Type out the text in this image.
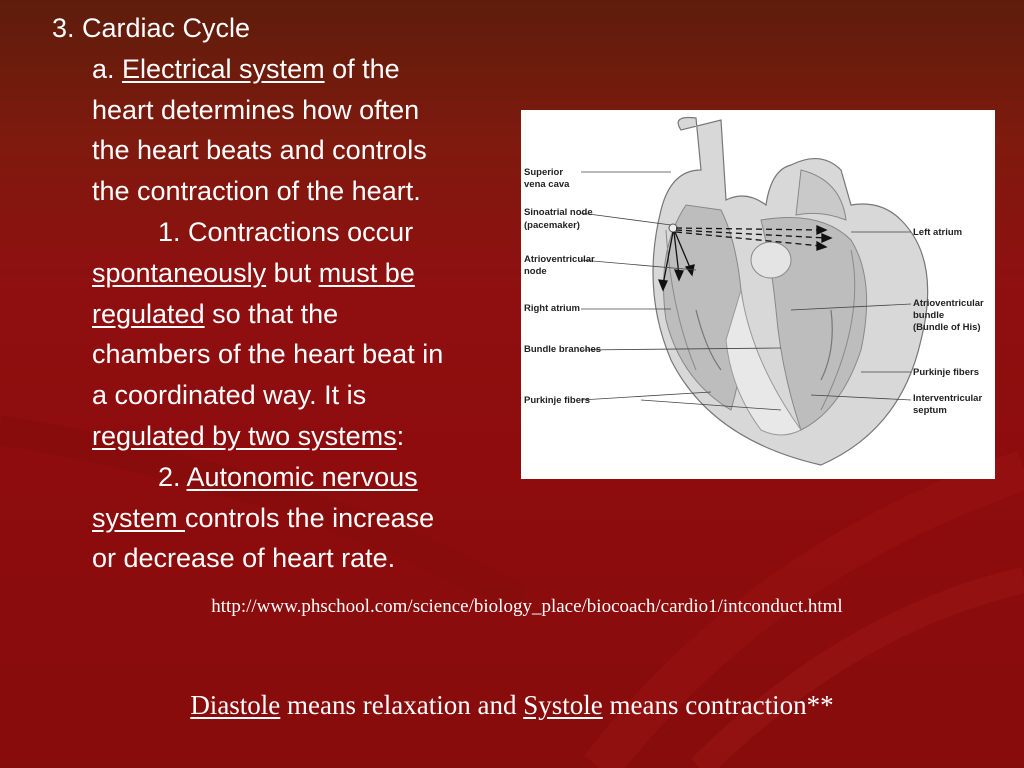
3. Cardiac Cycle
a. Electrical system of the
heart determines how often
the heart beats and controls
the contraction of the heart.
1. Contractions occur
spontaneously but must be
regulated so that the
chambers of the heart beat in
a coordinated way. It is
regulated by two systems:
2. Autonomic nervous
system controls the increase
or decrease of heart rate.
Superior
vena cava
Sinoatrial node
(pacemaker)
Atrioventricular
node
Right atrium
Bundle branches
Purkinje fibers
Left atrium
Atrioventricular
bundle
(Bundle of His)
Purkinje fibers
Interventricular
septum
http://www.phschool.com/science/biology_place/biocoach/cardio1/intconduct.html
Diastole means relaxation and Systole means contraction**
